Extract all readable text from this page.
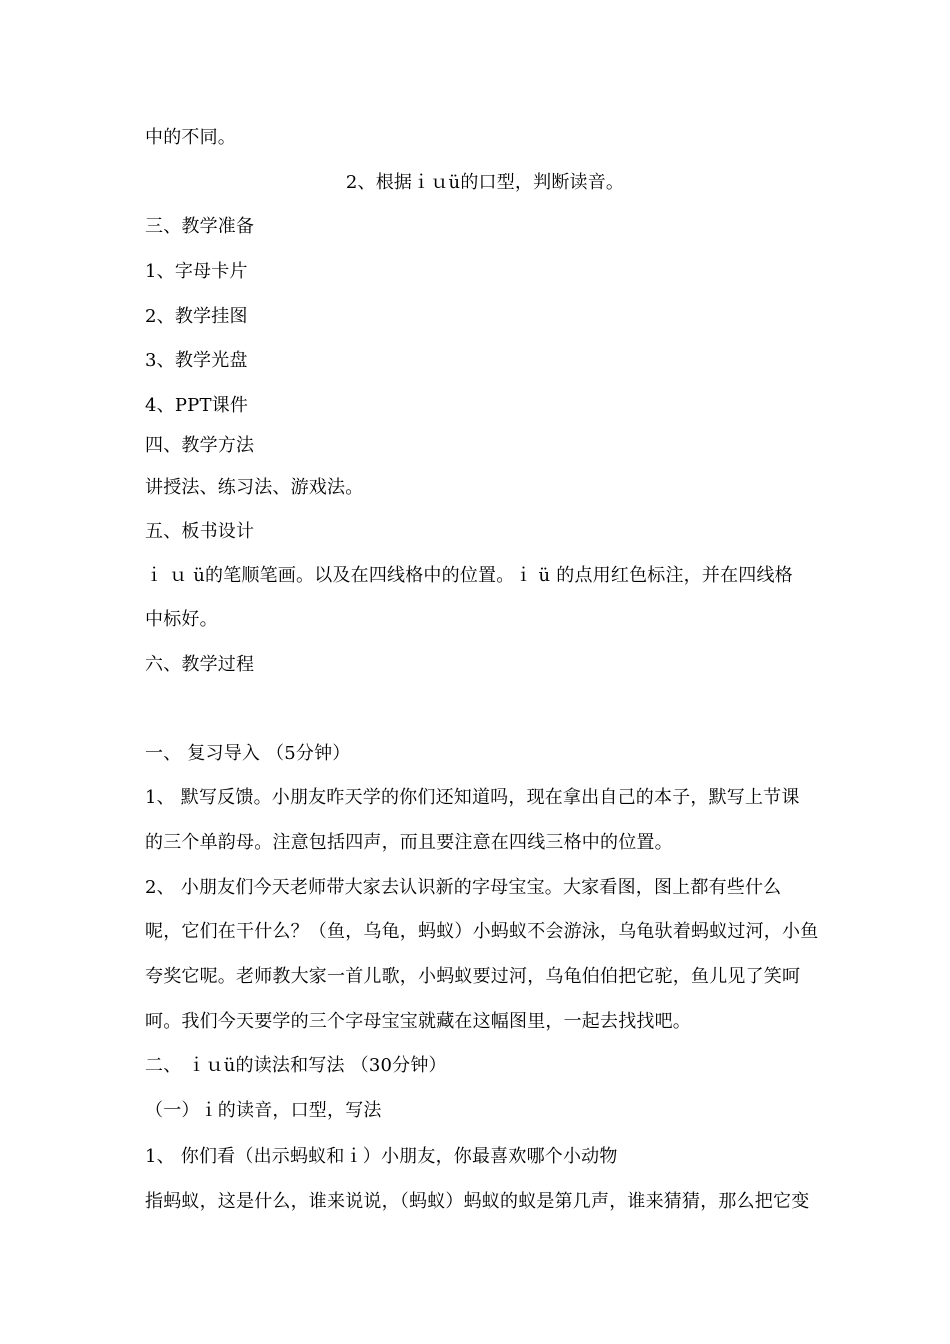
中的不同。
2、根据ｉｕü的口型，判断读音。
三、教学准备
1、字母卡片
2、教学挂图
3、教学光盘
4、PPT课件
四、教学方法
讲授法、练习法、游戏法。
五、板书设计
ｉ ｕ ü的笔顺笔画。以及在四线格中的位置。ｉ ü 的点用红色标注，并在四线格
中标好。
六、教学过程
一、 复习导入 （5分钟）
1、 默写反馈。小朋友昨天学的你们还知道吗，现在拿出自己的本子，默写上节课
的三个单韵母。注意包括四声，而且要注意在四线三格中的位置。
2、 小朋友们今天老师带大家去认识新的字母宝宝。大家看图，图上都有些什么
呢，它们在干什么？（鱼，乌龟，蚂蚁）小蚂蚁不会游泳，乌龟驮着蚂蚁过河，小鱼
夸奖它呢。老师教大家一首儿歌，小蚂蚁要过河，乌龟伯伯把它驼，鱼儿见了笑呵
呵。我们今天要学的三个字母宝宝就藏在这幅图里，一起去找找吧。
二、 ｉｕü的读法和写法 （30分钟）
（一）ｉ的读音，口型，写法
1、 你们看（出示蚂蚁和ｉ）小朋友，你最喜欢哪个小动物
指蚂蚁，这是什么，谁来说说，（蚂蚁）蚂蚁的蚁是第几声，谁来猜猜，那么把它变
